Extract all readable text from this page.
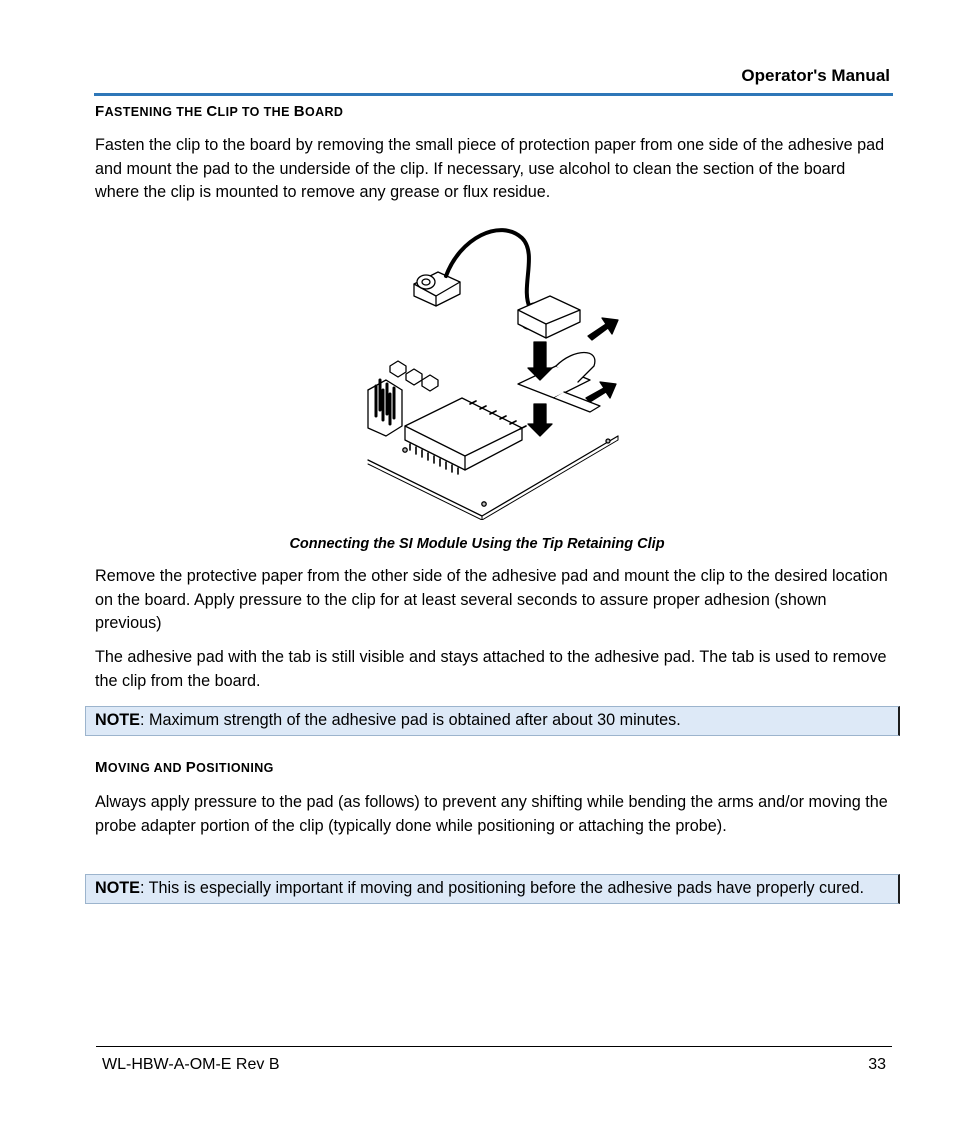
Operator's Manual
FASTENING THE CLIP TO THE BOARD
Fasten the clip to the board by removing the small piece of protection paper from one side of the adhesive pad and mount the pad to the underside of the clip. If necessary, use alcohol to clean the section of the board where the clip is mounted to remove any grease or flux residue.
Connecting the SI Module Using the Tip Retaining Clip
Remove the protective paper from the other side of the adhesive pad and mount the clip to the desired location on the board. Apply pressure to the clip for at least several seconds to assure proper adhesion (shown previous)
The adhesive pad with the tab is still visible and stays attached to the adhesive pad. The tab is used to remove the clip from the board.
NOTE: Maximum strength of the adhesive pad is obtained after about 30 minutes.
MOVING AND POSITIONING
Always apply pressure to the pad (as follows) to prevent any shifting while bending the arms and/or moving the probe adapter portion of the clip (typically done while positioning or attaching the probe).
NOTE: This is especially important if moving and positioning before the adhesive pads have properly cured.
WL-HBW-A-OM-E Rev B	33
